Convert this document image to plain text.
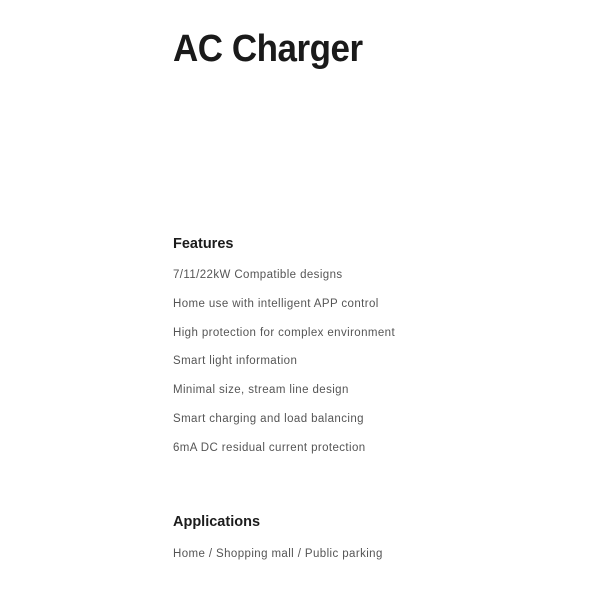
AC Charger
Features
7/11/22kW Compatible designs
Home use with intelligent APP control
High protection for complex environment
Smart light information
Minimal size, stream line design
Smart charging and load balancing
6mA DC residual current protection
Applications

Home / Shopping mall / Public parking
